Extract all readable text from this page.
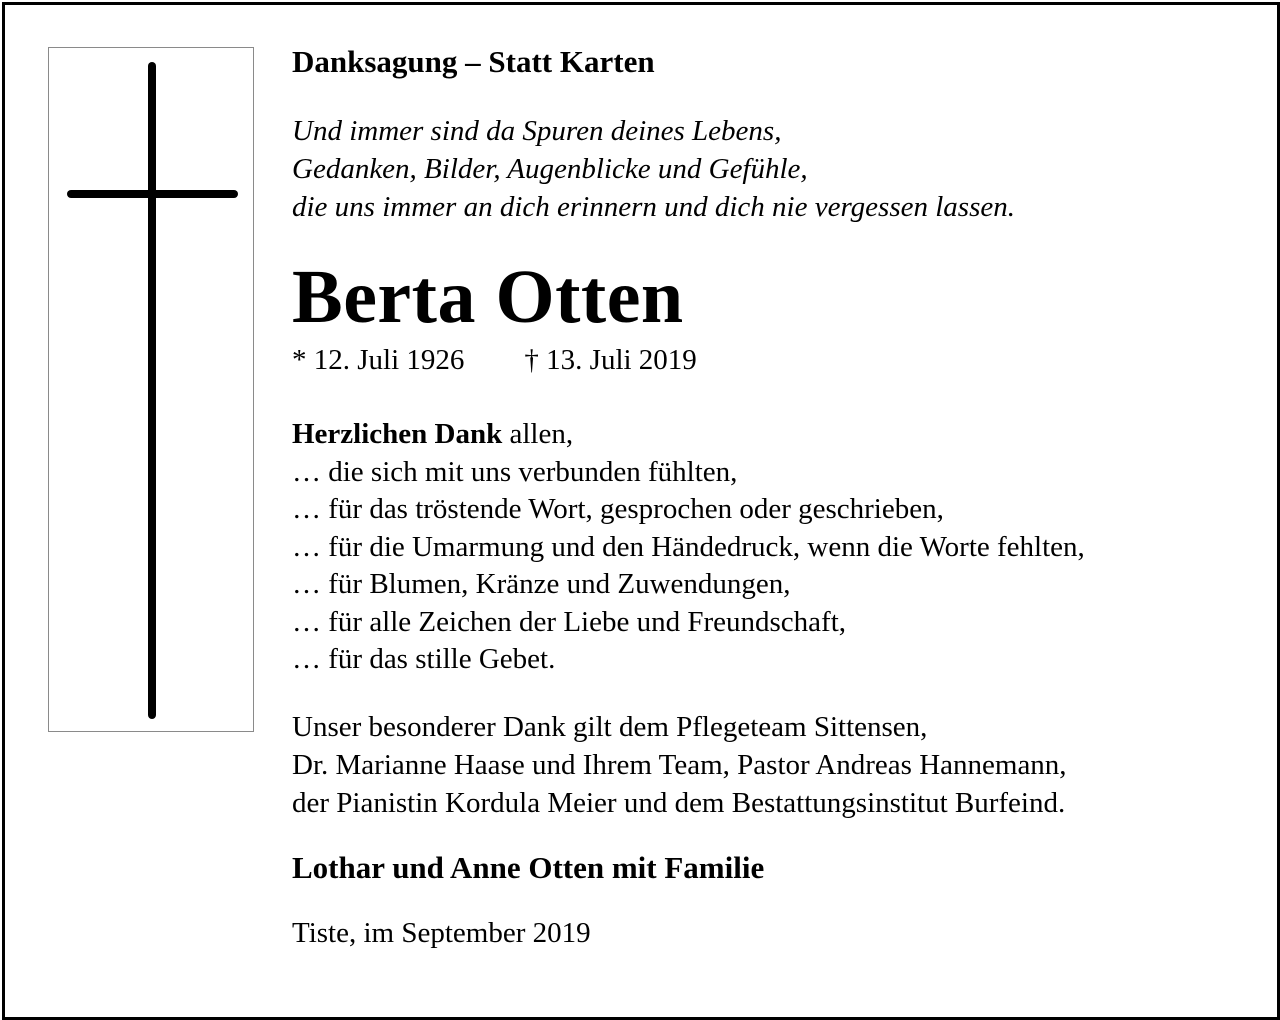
Danksagung – Statt Karten
Und immer sind da Spuren deines Lebens,
Gedanken, Bilder, Augenblicke und Gefühle,
die uns immer an dich erinnern und dich nie vergessen lassen.
Berta Otten
* 12. Juli 1926 † 13. Juli 2019
Herzlichen Dank allen,
… die sich mit uns verbunden fühlten,
… für das tröstende Wort, gesprochen oder geschrieben,
… für die Umarmung und den Händedruck, wenn die Worte fehlten,
… für Blumen, Kränze und Zuwendungen,
… für alle Zeichen der Liebe und Freundschaft,
… für das stille Gebet.
Unser besonderer Dank gilt dem Pflegeteam Sittensen,
Dr. Marianne Haase und Ihrem Team, Pastor Andreas Hannemann,
der Pianistin Kordula Meier und dem Bestattungsinstitut Burfeind.
Lothar und Anne Otten mit Familie
Tiste, im September 2019
